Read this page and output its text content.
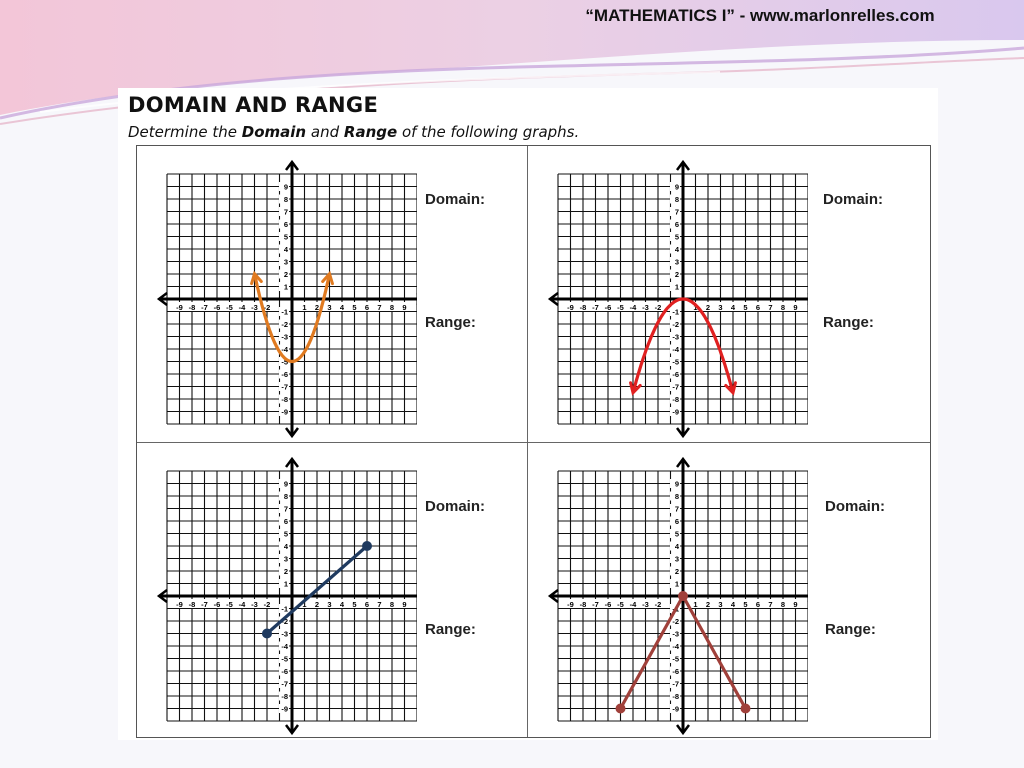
“MATHEMATICS I” - www.marlonrelles.com
DOMAIN AND RANGE

Determine the Domain and Range of the following graphs.

-9 -8 -7 -6 -5 -4 -3 -2	1 2 3 4 5 6 7 8 9
9
8
7
6
5
4
3
2
1
-1
-2
-3
-4
-5
-6
-7
-8
-9
Domain:
Range:
-9 -8 -7 -6 -5 -4 -3 -2	1 2 3 4 5 6 7 8 9
9
8
7
6
5
4
3
2
1
-1
-2
-3
-4
-5
-6
-7
-8
-9
Domain:
Range:
-9 -8 -7 -6 -5 -4 -3 -2	1 2 3 4 5 6 7 8 9
9
8
7
6
5
4
3
2
1
-1
-2
-3
-4
-5
-6
-7
-8
-9
Domain:
Range:
-9 -8 -7 -6 -5 -4 -3 -2	1 2 3 4 5 6 7 8 9
9
8
7
6
5
4
3
2
1
-1
-2
-3
-4
-5
-6
-7
-8
-9
Domain:
Range:
